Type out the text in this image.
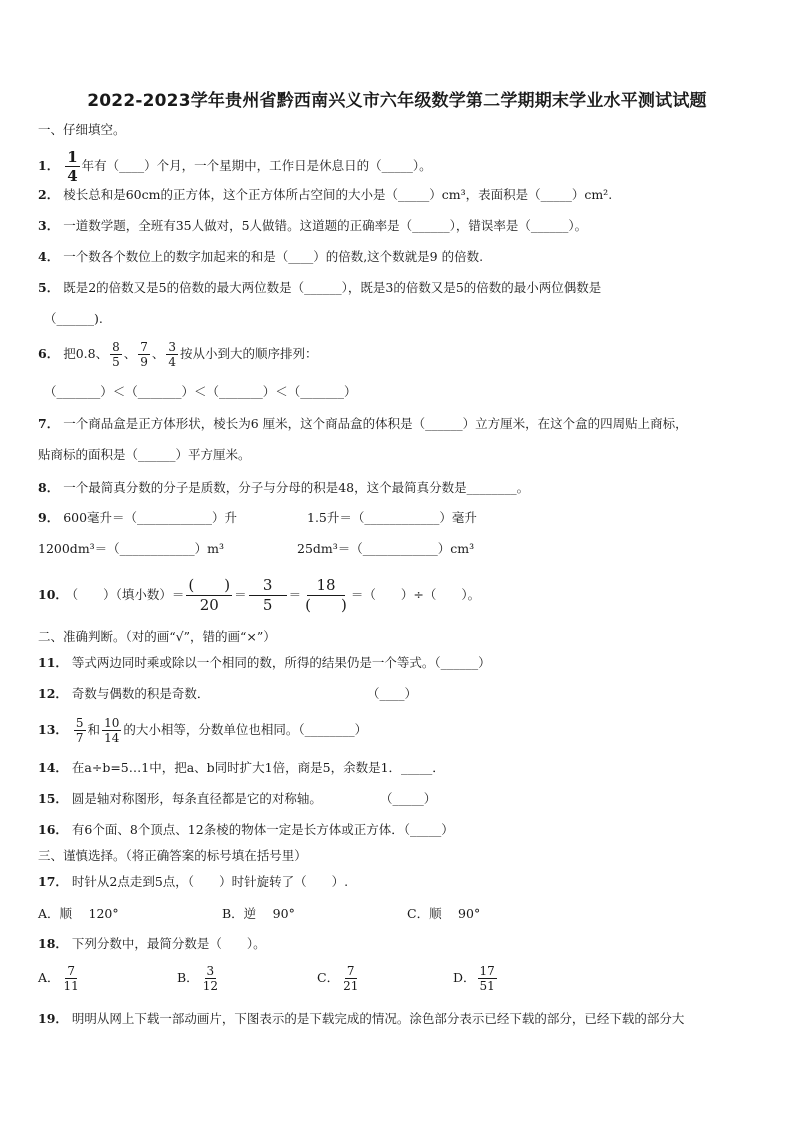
2022-2023学年贵州省黔西南兴义市六年级数学第二学期期末学业水平测试试题
一、仔细填空。
1． $\frac{1}{4}$ 年有（____）个月，一个星期中，工作日是休息日的（_____）。
2． 棱长总和是60cm的正方体，这个正方体所占空间的大小是（_____）cm³，表面积是（_____）cm².
3． 一道数学题，全班有35人做对，5人做错。这道题的正确率是（______），错误率是（______）。
4． 一个数各个数位上的数字加起来的和是（____）的倍数,这个数就是9 的倍数.
5． 既是2的倍数又是5的倍数的最大两位数是（______），既是3的倍数又是5的倍数的最小两位偶数是
（______).
6． 把0.8、 $\frac{8}{5}$ 、 $\frac{7}{9}$ 、 $\frac{3}{4}$ 按从小到大的顺序排列：
（_______）＜（_______）＜（_______）＜（_______）
7． 一个商品盒是正方体形状，棱长为6 厘米，这个商品盒的体积是（______）立方厘米，在这个盒的四周贴上商标，
贴商标的面积是（______）平方厘米。
8． 一个最简真分数的分子是质数，分子与分母的积是48，这个最简真分数是________。
9． 600毫升＝（____________）升	1.5升＝（____________）毫升
1200dm³＝（____________）m³	25dm³＝（____________）cm³
10． （　　）（填小数）＝ $\frac{( )}{20} = \frac{3}{5} = \frac{18}{( )}$ ＝（　　）÷（　　）。
二、准确判断。（对的画“√”，错的画“×”）
11． 等式两边同时乘或除以一个相同的数，所得的结果仍是一个等式。（______）
12． 奇数与偶数的积是奇数．	（____）
13． $\frac{5}{7}$ 和 $\frac{10}{14}$ 的大小相等，分数单位也相同。（________）
14． 在a÷b=5…1中，把a、b同时扩大1倍，商是5，余数是1．_____．
15． 圆是轴对称图形，每条直径都是它的对称轴。	（_____）
16． 有6个面、8个顶点、12条棱的物体一定是长方体或正方体．（_____）
三、谨慎选择。（将正确答案的标号填在括号里）
17． 时针从2点走到5点，（　　）时针旋转了（　　）.
A．顺　 120°	B．逆　 90°	C．顺　 90°
18． 下列分数中，最简分数是（　　）。
A． $\frac{7}{11}$	B． $\frac{3}{12}$	C． $\frac{7}{21}$	D． $\frac{17}{51}$
19． 明明从网上下载一部动画片，下图表示的是下载完成的情况。涂色部分表示已经下载的部分，已经下载的部分大
